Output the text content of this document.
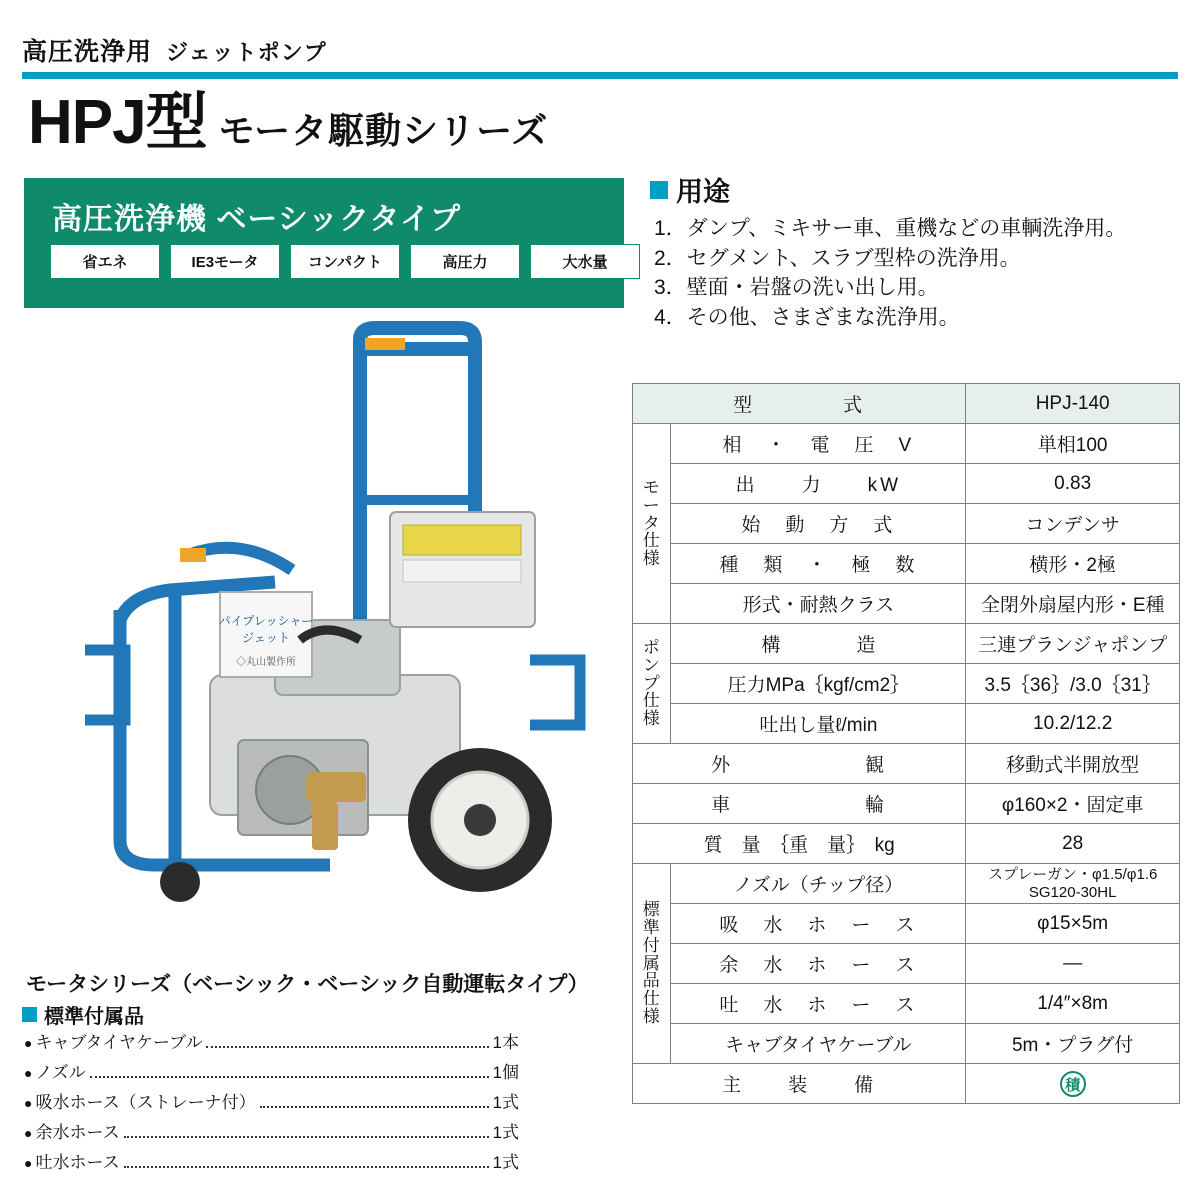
高圧洗浄用 ジェットポンプ
HPJ型 モータ駆動シリーズ
高圧洗浄機 ベーシックタイプ
省エネ	IE3モータ	コンパクト	高圧力	大水量
用途
1．ダンプ、ミキサー車、重機などの車輌洗浄用。
2．セグメント、スラブ型枠の洗浄用。
3．壁面・岩盤の洗い出し用。
4．その他、さまざまな洗浄用。
パイプレッシャー
ジェット
◇丸山製作所
モータシリーズ（ベーシック・ベーシック自動運転タイプ）
標準付属品
● キャブタイヤケーブル	1本
● ノズル	1個
● 吸水ホース（ストレーナ付）	1式
● 余水ホース	1式
● 吐水ホース	1式
型　　　　式		HPJ-140

モ
ー
タ
仕
様	相　・　電　圧　V	単相100
	出　　力　　kW	0.83
	始　動　方　式	コンデンサ
	種　類　・　極　数	横形・2極
	形式・耐熱クラス	全閉外扇屋内形・E種

ポ
ン
プ
仕
様	構　　　　造	三連プランジャポンプ
	圧力MPa｛kgf/cm2｝	3.5｛36｝/3.0｛31｝
	吐出し量ℓ/min	10.2/12.2
外　　　　　　観		移動式半開放型
車　　　　　　輪		φ160×2・固定車
質　量　｛重　量｝　kg		28

標
準
付
属
品
仕
様
	ノズル（チップ径）	スプレーガン・φ1.5/φ1.6 SG120-30HL
	吸　水　ホ　ー　ス	φ15×5m
	余　水　ホ　ー　ス	—
	吐　水　ホ　ー　ス	1/4″×8m
	キャブタイヤケーブル	5m・プラグ付
主　　装　　備		積
